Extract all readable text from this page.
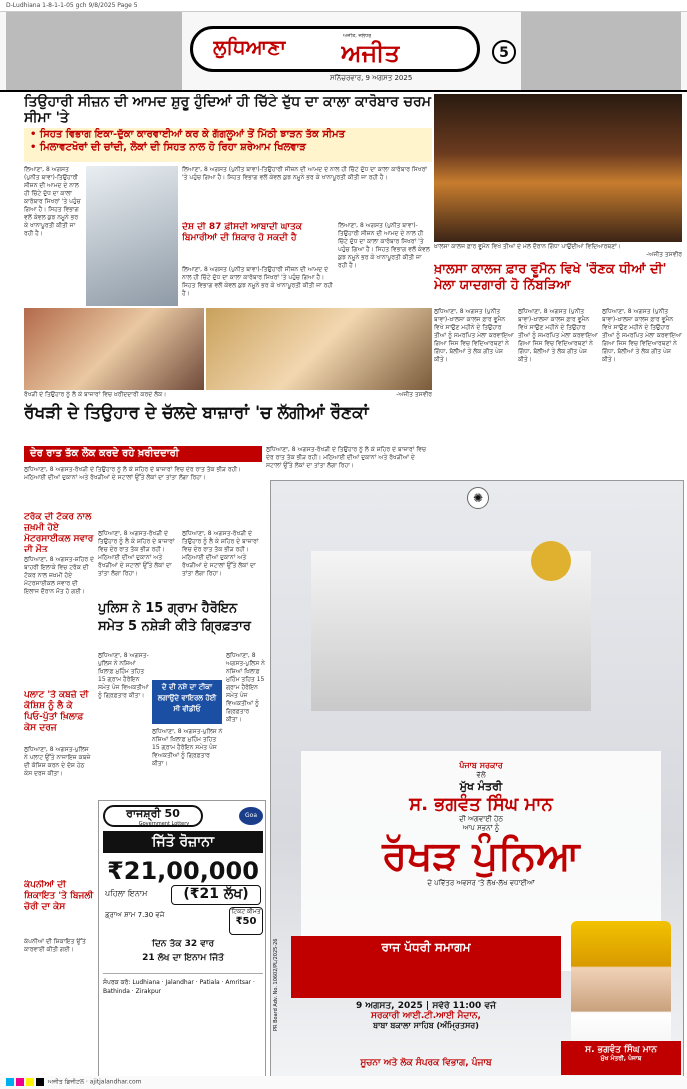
D-Ludhiana 1-8-1-1-05 gch 9/8/2025 Page 5
ਲੁਧਿਆਣਾ	ਅਜੀਤ, ਜਲੰਧਰ
ਅਜੀਤ	5
ਸਨਿੱਚਰਵਾਰ, 9 ਅਗਸਤ 2025
ਤਿਉਹਾਰੀ ਸੀਜ਼ਨ ਦੀ ਆਮਦ ਸ਼ੁਰੂ ਹੁੰਦਿਆਂ ਹੀ ਚਿੱਟੇ ਦੁੱਧ ਦਾ ਕਾਲਾ ਕਾਰੋਬਾਰ ਚਰਮ ਸੀਮਾ 'ਤੇ
• ਸਿਹਤ ਵਿਭਾਗ ਇਕਾ-ਦੁੱਕਾ ਕਾਰਵਾਈਆਂ ਕਰ ਕੇ ਗੱਗਲੂਆਂ ਤੋਂ ਮਿੱਠੀ ਝਾੜਨ ਤੱਕ ਸੀਮਤ
• ਮਿਲਾਵਟਖੋਰਾਂ ਦੀ ਚਾਂਦੀ, ਲੋਕਾਂ ਦੀ ਸਿਹਤ ਨਾਲ ਹੋ ਰਿਹਾ ਸ਼ਰੇਆਮ ਖਿਲਵਾੜ
ਲਿਆਣਾ, 8 ਅਗਸਤ (ਪੁਨੀਤ ਬਾਵਾ)-ਤਿਉਹਾਰੀ ਸੀਜ਼ਨ ਦੀ ਆਮਦ ਦੇ ਨਾਲ ਹੀ ਚਿੱਟੇ ਦੁੱਧ ਦਾ ਕਾਲਾ ਕਾਰੋਬਾਰ ਸਿਖਰਾਂ 'ਤੇ ਪਹੁੰਚ ਗਿਆ ਹੈ। ਸਿਹਤ ਵਿਭਾਗ ਵਲੋਂ ਕੇਵਲ ਕੁਝ ਨਮੂਨੇ ਭਰ ਕੇ ਖਾਨਾਪੂਰਤੀ ਕੀਤੀ ਜਾ ਰਹੀ ਹੈ।
ਲਿਆਣਾ, 8 ਅਗਸਤ (ਪੁਨੀਤ ਬਾਵਾ)-ਤਿਉਹਾਰੀ ਸੀਜ਼ਨ ਦੀ ਆਮਦ ਦੇ ਨਾਲ ਹੀ ਚਿੱਟੇ ਦੁੱਧ ਦਾ ਕਾਲਾ ਕਾਰੋਬਾਰ ਸਿਖਰਾਂ 'ਤੇ ਪਹੁੰਚ ਗਿਆ ਹੈ। ਸਿਹਤ ਵਿਭਾਗ ਵਲੋਂ ਕੇਵਲ ਕੁਝ ਨਮੂਨੇ ਭਰ ਕੇ ਖਾਨਾਪੂਰਤੀ ਕੀਤੀ ਜਾ ਰਹੀ ਹੈ।
ਦੇਸ਼ ਦੀ 87 ਫ਼ੀਸਦੀ ਆਬਾਦੀ ਘਾਤਕ ਬਿਮਾਰੀਆਂ ਦੀ ਸ਼ਿਕਾਰ ਹੋ ਸਕਦੀ ਹੈ
ਲਿਆਣਾ, 8 ਅਗਸਤ (ਪੁਨੀਤ ਬਾਵਾ)-ਤਿਉਹਾਰੀ ਸੀਜ਼ਨ ਦੀ ਆਮਦ ਦੇ ਨਾਲ ਹੀ ਚਿੱਟੇ ਦੁੱਧ ਦਾ ਕਾਲਾ ਕਾਰੋਬਾਰ ਸਿਖਰਾਂ 'ਤੇ ਪਹੁੰਚ ਗਿਆ ਹੈ। ਸਿਹਤ ਵਿਭਾਗ ਵਲੋਂ ਕੇਵਲ ਕੁਝ ਨਮੂਨੇ ਭਰ ਕੇ ਖਾਨਾਪੂਰਤੀ ਕੀਤੀ ਜਾ ਰਹੀ ਹੈ।
ਲਿਆਣਾ, 8 ਅਗਸਤ (ਪੁਨੀਤ ਬਾਵਾ)-ਤਿਉਹਾਰੀ ਸੀਜ਼ਨ ਦੀ ਆਮਦ ਦੇ ਨਾਲ ਹੀ ਚਿੱਟੇ ਦੁੱਧ ਦਾ ਕਾਲਾ ਕਾਰੋਬਾਰ ਸਿਖਰਾਂ 'ਤੇ ਪਹੁੰਚ ਗਿਆ ਹੈ। ਸਿਹਤ ਵਿਭਾਗ ਵਲੋਂ ਕੇਵਲ ਕੁਝ ਨਮੂਨੇ ਭਰ ਕੇ ਖਾਨਾਪੂਰਤੀ ਕੀਤੀ ਜਾ ਰਹੀ ਹੈ।
ਖ਼ਾਲਸਾ ਕਾਲਜ ਫ਼ਾਰ ਵੂਮੈਨ ਵਿਖੇ ਤੀਆਂ ਦੇ ਮੇਲੇ ਦੌਰਾਨ ਗਿੱਧਾ ਪਾਉਂਦੀਆਂ ਵਿਦਿਆਰਥਣਾਂ।
-ਅਜੀਤ ਤਸਵੀਰ
ਖ਼ਾਲਸਾ ਕਾਲਜ ਫ਼ਾਰ ਵੂਮੈਨ ਵਿਖੇ 'ਰੌਣਕ ਧੀਆਂ ਦੀ' ਮੇਲਾ ਯਾਦਗਾਰੀ ਹੋ ਨਿੱਬੜਿਆ
ਲੁਧਿਆਣਾ, 8 ਅਗਸਤ (ਪੁਨੀਤ ਬਾਵਾ)-ਖ਼ਾਲਸਾ ਕਾਲਜ ਫ਼ਾਰ ਵੂਮੈਨ ਵਿਖੇ ਸਾਉਣ ਮਹੀਨੇ ਦੇ ਤਿਉਹਾਰ ਤੀਆਂ ਨੂੰ ਸਮਰਪਿਤ ਮੇਲਾ ਕਰਵਾਇਆ ਗਿਆ ਜਿਸ ਵਿਚ ਵਿਦਿਆਰਥਣਾਂ ਨੇ ਗਿੱਧਾ, ਬੋਲੀਆਂ ਤੇ ਲੋਕ ਗੀਤ ਪੇਸ਼ ਕੀਤੇ।
ਲੁਧਿਆਣਾ, 8 ਅਗਸਤ (ਪੁਨੀਤ ਬਾਵਾ)-ਖ਼ਾਲਸਾ ਕਾਲਜ ਫ਼ਾਰ ਵੂਮੈਨ ਵਿਖੇ ਸਾਉਣ ਮਹੀਨੇ ਦੇ ਤਿਉਹਾਰ ਤੀਆਂ ਨੂੰ ਸਮਰਪਿਤ ਮੇਲਾ ਕਰਵਾਇਆ ਗਿਆ ਜਿਸ ਵਿਚ ਵਿਦਿਆਰਥਣਾਂ ਨੇ ਗਿੱਧਾ, ਬੋਲੀਆਂ ਤੇ ਲੋਕ ਗੀਤ ਪੇਸ਼ ਕੀਤੇ।
ਲੁਧਿਆਣਾ, 8 ਅਗਸਤ (ਪੁਨੀਤ ਬਾਵਾ)-ਖ਼ਾਲਸਾ ਕਾਲਜ ਫ਼ਾਰ ਵੂਮੈਨ ਵਿਖੇ ਸਾਉਣ ਮਹੀਨੇ ਦੇ ਤਿਉਹਾਰ ਤੀਆਂ ਨੂੰ ਸਮਰਪਿਤ ਮੇਲਾ ਕਰਵਾਇਆ ਗਿਆ ਜਿਸ ਵਿਚ ਵਿਦਿਆਰਥਣਾਂ ਨੇ ਗਿੱਧਾ, ਬੋਲੀਆਂ ਤੇ ਲੋਕ ਗੀਤ ਪੇਸ਼ ਕੀਤੇ।
ਰੱਖੜੀ ਦੇ ਤਿਉਹਾਰ ਨੂੰ ਲੈ ਕੇ ਬਾਜ਼ਾਰਾਂ ਵਿਚ ਖ਼ਰੀਦਦਾਰੀ ਕਰਦੇ ਲੋਕ।	-ਅਜੀਤ ਤਸਵੀਰ
ਰੱਖੜੀ ਦੇ ਤਿਉਹਾਰ ਦੇ ਚੱਲਦੇ ਬਾਜ਼ਾਰਾਂ 'ਚ ਲੱਗੀਆਂ ਰੌਣਕਾਂ
ਦੇਰ ਰਾਤ ਤੱਕ ਲੋਕ ਕਰਦੇ ਰਹੇ ਖ਼ਰੀਦਦਾਰੀ	ਲੁਧਿਆਣਾ, 8 ਅਗਸਤ-ਰੱਖੜੀ ਦੇ ਤਿਉਹਾਰ ਨੂੰ ਲੈ ਕੇ ਸ਼ਹਿਰ ਦੇ ਬਾਜ਼ਾਰਾਂ ਵਿਚ ਦੇਰ ਰਾਤ ਤੱਕ ਭੀੜ ਰਹੀ। ਮਠਿਆਈ ਦੀਆਂ ਦੁਕਾਨਾਂ ਅਤੇ ਰੱਖੜੀਆਂ ਦੇ ਸਟਾਲਾਂ ਉੱਤੇ ਲੋਕਾਂ ਦਾ ਤਾਂਤਾ ਲੱਗਾ ਰਿਹਾ।
ਲੁਧਿਆਣਾ, 8 ਅਗਸਤ-ਰੱਖੜੀ ਦੇ ਤਿਉਹਾਰ ਨੂੰ ਲੈ ਕੇ ਸ਼ਹਿਰ ਦੇ ਬਾਜ਼ਾਰਾਂ ਵਿਚ ਦੇਰ ਰਾਤ ਤੱਕ ਭੀੜ ਰਹੀ। ਮਠਿਆਈ ਦੀਆਂ ਦੁਕਾਨਾਂ ਅਤੇ ਰੱਖੜੀਆਂ ਦੇ ਸਟਾਲਾਂ ਉੱਤੇ ਲੋਕਾਂ ਦਾ ਤਾਂਤਾ ਲੱਗਾ ਰਿਹਾ।
ਟਰੱਕ ਦੀ ਟੱਕਰ ਨਾਲ ਜ਼ਖ਼ਮੀ ਹੋਏ ਮੋਟਰਸਾਈਕਲ ਸਵਾਰ ਦੀ ਮੌਤ
ਲੁਧਿਆਣਾ, 8 ਅਗਸਤ-ਸ਼ਹਿਰ ਦੇ ਬਾਹਰੀ ਇਲਾਕੇ ਵਿਚ ਟਰੱਕ ਦੀ ਟੱਕਰ ਨਾਲ ਜ਼ਖ਼ਮੀ ਹੋਏ ਮੋਟਰਸਾਈਕਲ ਸਵਾਰ ਦੀ ਇਲਾਜ ਦੌਰਾਨ ਮੌਤ ਹੋ ਗਈ।
ਪਲਾਟ 'ਤੇ ਕਬਜ਼ੇ ਦੀ ਕੋਸ਼ਿਸ਼ ਨੂੰ ਲੈ ਕੇ ਪਿਓ-ਪੁੱਤਾਂ ਖ਼ਿਲਾਫ਼ ਕੇਸ ਦਰਜ
ਲੁਧਿਆਣਾ, 8 ਅਗਸਤ-ਪੁਲਿਸ ਨੇ ਪਲਾਟ ਉੱਤੇ ਨਾਜਾਇਜ਼ ਕਬਜ਼ੇ ਦੀ ਕੋਸ਼ਿਸ਼ ਕਰਨ ਦੇ ਦੋਸ਼ ਹੇਠ ਕੇਸ ਦਰਜ ਕੀਤਾ।
ਕੰਪਨੀਆਂ ਦੀ ਸ਼ਿਕਾਇਤ 'ਤੇ ਬਿਜਲੀ ਚੋਰੀ ਦਾ ਕੇਸ
ਕੰਪਨੀਆਂ ਦੀ ਸ਼ਿਕਾਇਤ ਉੱਤੇ ਕਾਰਵਾਈ ਕੀਤੀ ਗਈ।
ਲੁਧਿਆਣਾ, 8 ਅਗਸਤ-ਰੱਖੜੀ ਦੇ ਤਿਉਹਾਰ ਨੂੰ ਲੈ ਕੇ ਸ਼ਹਿਰ ਦੇ ਬਾਜ਼ਾਰਾਂ ਵਿਚ ਦੇਰ ਰਾਤ ਤੱਕ ਭੀੜ ਰਹੀ। ਮਠਿਆਈ ਦੀਆਂ ਦੁਕਾਨਾਂ ਅਤੇ ਰੱਖੜੀਆਂ ਦੇ ਸਟਾਲਾਂ ਉੱਤੇ ਲੋਕਾਂ ਦਾ ਤਾਂਤਾ ਲੱਗਾ ਰਿਹਾ।
ਲੁਧਿਆਣਾ, 8 ਅਗਸਤ-ਰੱਖੜੀ ਦੇ ਤਿਉਹਾਰ ਨੂੰ ਲੈ ਕੇ ਸ਼ਹਿਰ ਦੇ ਬਾਜ਼ਾਰਾਂ ਵਿਚ ਦੇਰ ਰਾਤ ਤੱਕ ਭੀੜ ਰਹੀ। ਮਠਿਆਈ ਦੀਆਂ ਦੁਕਾਨਾਂ ਅਤੇ ਰੱਖੜੀਆਂ ਦੇ ਸਟਾਲਾਂ ਉੱਤੇ ਲੋਕਾਂ ਦਾ ਤਾਂਤਾ ਲੱਗਾ ਰਿਹਾ।
ਪੁਲਿਸ ਨੇ 15 ਗ੍ਰਾਮ ਹੈਰੋਇਨ ਸਮੇਤ 5 ਨਸ਼ੇੜੀ ਕੀਤੇ ਗ੍ਰਿਫ਼ਤਾਰ
ਲੁਧਿਆਣਾ, 8 ਅਗਸਤ-ਪੁਲਿਸ ਨੇ ਨਸ਼ਿਆਂ ਖ਼ਿਲਾਫ਼ ਮੁਹਿੰਮ ਤਹਿਤ 15 ਗ੍ਰਾਮ ਹੈਰੋਇਨ ਸਮੇਤ ਪੰਜ ਵਿਅਕਤੀਆਂ ਨੂੰ ਗ੍ਰਿਫ਼ਤਾਰ ਕੀਤਾ।
ਦੋ ਦੀ ਨਸ਼ੇ ਦਾ ਟੀਕਾ ਲਗਾਉਂਦੇ ਵਾਇਰਲ ਹੋਈ ਸੀ ਵੀਡੀਓ
ਲੁਧਿਆਣਾ, 8 ਅਗਸਤ-ਪੁਲਿਸ ਨੇ ਨਸ਼ਿਆਂ ਖ਼ਿਲਾਫ਼ ਮੁਹਿੰਮ ਤਹਿਤ 15 ਗ੍ਰਾਮ ਹੈਰੋਇਨ ਸਮੇਤ ਪੰਜ ਵਿਅਕਤੀਆਂ ਨੂੰ ਗ੍ਰਿਫ਼ਤਾਰ ਕੀਤਾ।
ਲੁਧਿਆਣਾ, 8 ਅਗਸਤ-ਪੁਲਿਸ ਨੇ ਨਸ਼ਿਆਂ ਖ਼ਿਲਾਫ਼ ਮੁਹਿੰਮ ਤਹਿਤ 15 ਗ੍ਰਾਮ ਹੈਰੋਇਨ ਸਮੇਤ ਪੰਜ ਵਿਅਕਤੀਆਂ ਨੂੰ ਗ੍ਰਿਫ਼ਤਾਰ ਕੀਤਾ।
ਰਾਜਸ਼੍ਰੀ 50
Government Lottery
Goa
ਜਿੱਤੋ ਰੋਜ਼ਾਨਾ
₹21,00,000
ਪਹਿਲਾ ਇਨਾਮ	(₹21 ਲੱਖ)
ਡ੍ਰਾਅ ਸ਼ਾਮ 7.30 ਵਜੇ	ਟਿਕਟ ਕੀਮਤ
₹50
ਦਿਨ ਤੱਕ 32 ਵਾਰ
21 ਲੱਖ ਦਾ ਇਨਾਮ ਜਿੱਤੋ
ਸੰਪਰਕ ਕਰੋ: Ludhiana · Jalandhar · Patiala · Amritsar · Bathinda · Zirakpur
✺
ਪੰਜਾਬ ਸਰਕਾਰ
ਵੱਲੋਂ
ਮੁੱਖ ਮੰਤਰੀ
ਸ. ਭਗਵੰਤ ਸਿੰਘ ਮਾਨ
ਦੀ ਅਗਵਾਈ ਹੇਠ
ਆਪ ਸਭਨਾਂ ਨੂੰ
ਰੱਖੜ ਪੁੰਨਿਆ
ਦੇ ਪਵਿੱਤਰ ਅਵਸਰ 'ਤੇ ਲੱਖ-ਲੱਖ ਵਧਾਈਆਂ
ਰਾਜ ਪੱਧਰੀ ਸਮਾਗਮ
9 ਅਗਸਤ, 2025 | ਸਵੇਰੇ 11:00 ਵਜੇ
ਸਰਕਾਰੀ ਆਈ.ਟੀ.ਆਈ ਮੈਦਾਨ,
ਬਾਬਾ ਬਕਾਲਾ ਸਾਹਿਬ (ਅੰਮ੍ਰਿਤਸਰ)
ਸ. ਭਗਵੰਤ ਸਿੰਘ ਮਾਨ
ਮੁੱਖ ਮੰਤਰੀ, ਪੰਜਾਬ
ਸੂਚਨਾ ਅਤੇ ਲੋਕ ਸੰਪਰਕ ਵਿਭਾਗ, ਪੰਜਾਬ
PR Board Adv. No. 10602/PL/2025-26
ਅਜੀਤ ਡਿਜੀਟਲ · ajitjalandhar.com
